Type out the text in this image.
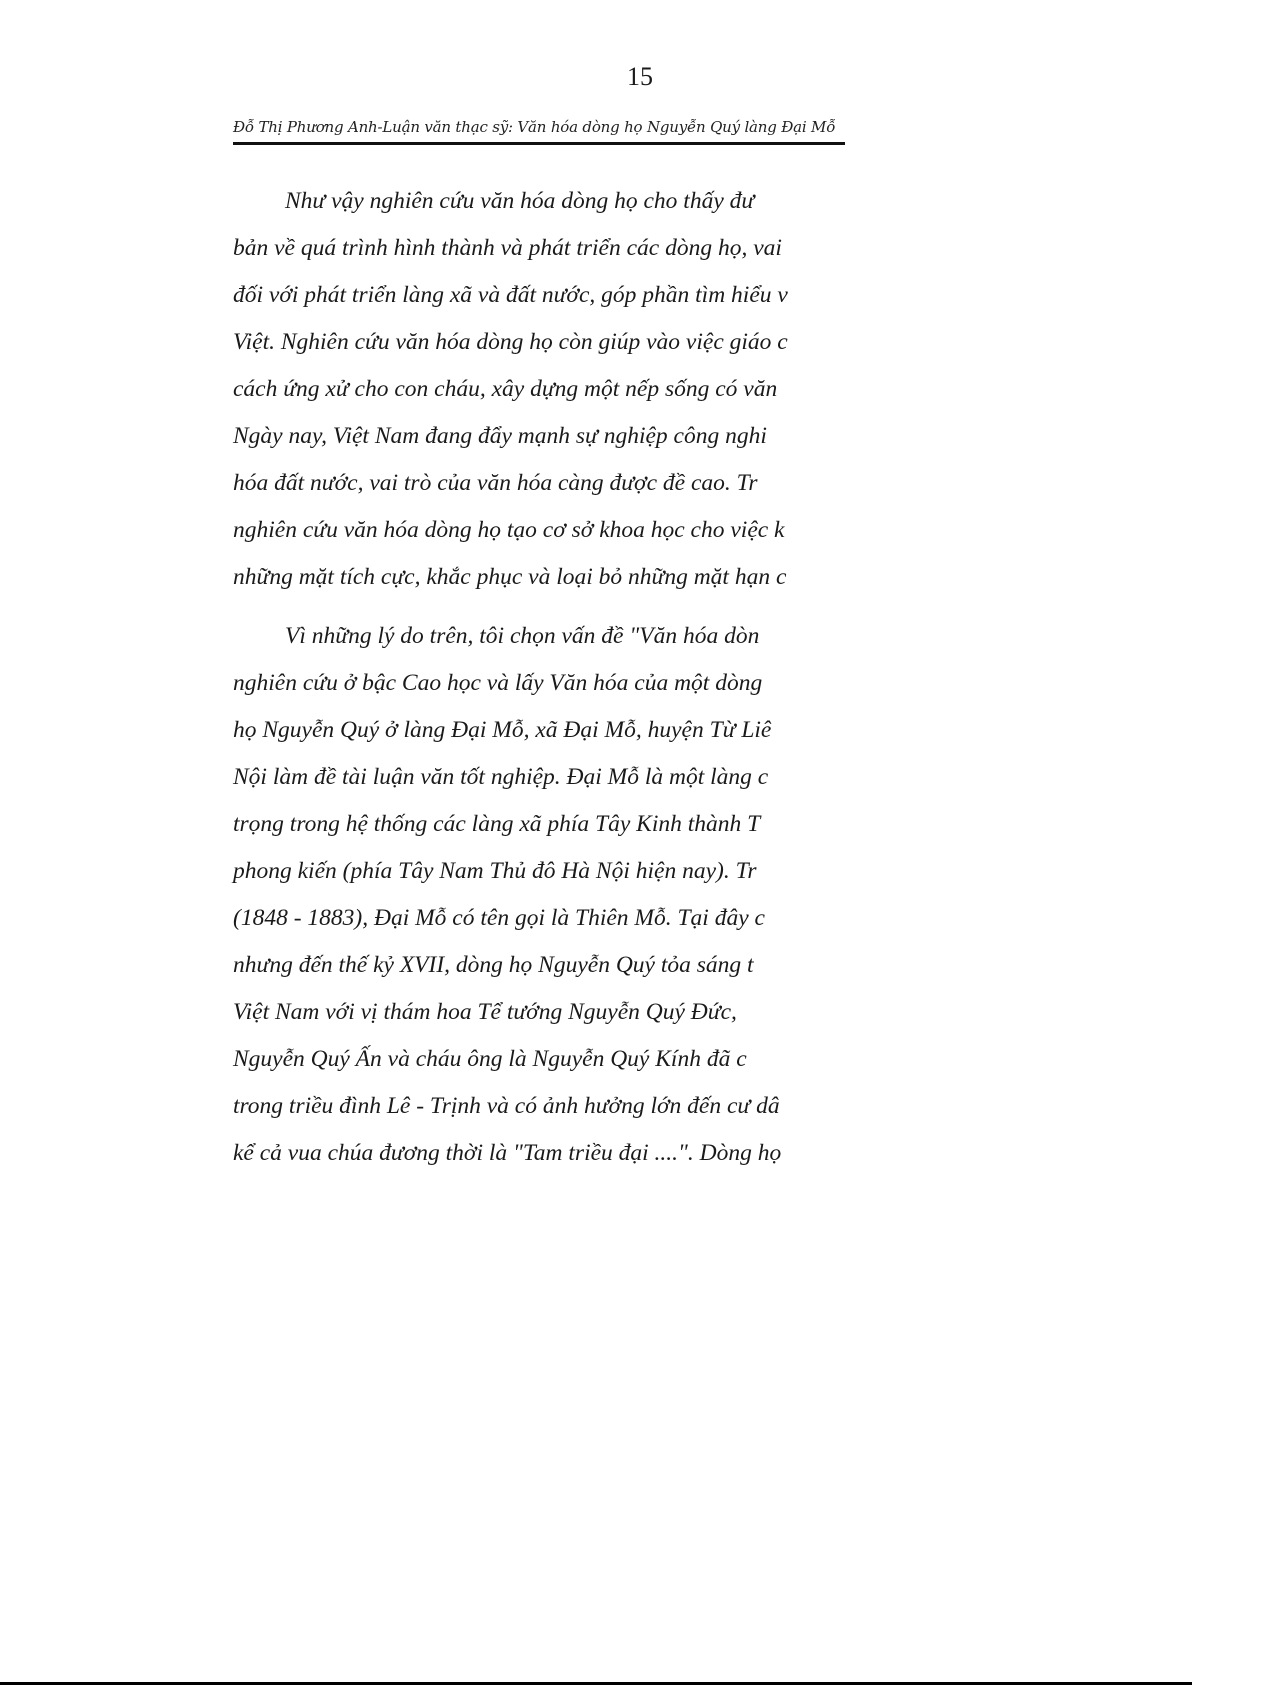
15
Đỗ Thị Phương Anh-Luận văn thạc sỹ: Văn hóa dòng họ Nguyễn Quý làng Đại Mỗ
Như vậy nghiên cứu văn hóa dòng họ cho thấy đư
bản về quá trình hình thành và phát triển các dòng họ, vai
đối với phát triển làng xã và đất nước, góp phần tìm hiểu v
Việt. Nghiên cứu văn hóa dòng họ còn giúp vào việc giáo c
cách ứng xử cho con cháu, xây dựng một nếp sống có văn
Ngày nay, Việt Nam đang đẩy mạnh sự nghiệp công nghi
hóa đất nước, vai trò của văn hóa càng được đề cao. Tr
nghiên cứu văn hóa dòng họ tạo cơ sở khoa học cho việc k
những mặt tích cực, khắc phục và loại bỏ những mặt hạn c
Vì những lý do trên, tôi chọn vấn đề "Văn hóa dòn
nghiên cứu ở bậc Cao học và lấy Văn hóa của một dòng
họ Nguyễn Quý ở làng Đại Mỗ, xã Đại Mỗ, huyện Từ Liê
Nội làm đề tài luận văn tốt nghiệp. Đại Mỗ là một làng c
trọng trong hệ thống các làng xã phía Tây Kinh thành T
phong kiến (phía Tây Nam Thủ đô Hà Nội hiện nay). Tr
(1848 - 1883), Đại Mỗ có tên gọi là Thiên Mỗ. Tại đây c
nhưng đến thế kỷ XVII, dòng họ Nguyễn Quý tỏa sáng t
Việt Nam với vị thám hoa Tể tướng Nguyễn Quý Đức,
Nguyễn Quý Ấn và cháu ông là Nguyễn Quý Kính đã c
trong triều đình Lê - Trịnh và có ảnh hưởng lớn đến cư dâ
kể cả vua chúa đương thời là "Tam triều đại ....". Dòng họ
